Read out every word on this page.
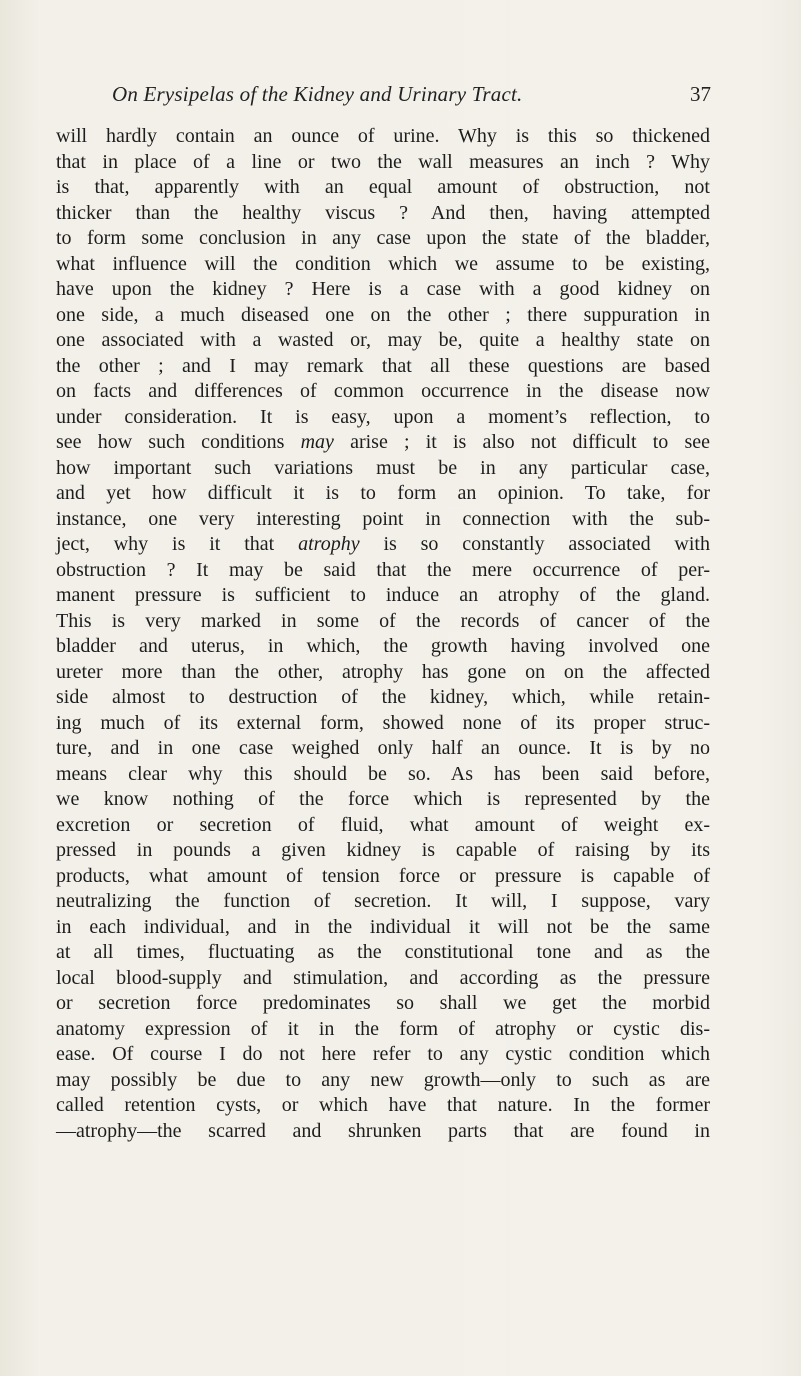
On Erysipelas of the Kidney and Urinary Tract.	37
will hardly contain an ounce of urine. Why is this so thickened
that in place of a line or two the wall measures an inch ? Why
is that, apparently with an equal amount of obstruction, not
thicker than the healthy viscus ? And then, having attempted
to form some conclusion in any case upon the state of the bladder,
what influence will the condition which we assume to be existing,
have upon the kidney ? Here is a case with a good kidney on
one side, a much diseased one on the other ; there suppuration in
one associated with a wasted or, may be, quite a healthy state on
the other ; and I may remark that all these questions are based
on facts and differences of common occurrence in the disease now
under consideration. It is easy, upon a moment’s reflection, to
see how such conditions may arise ; it is also not difficult to see
how important such variations must be in any particular case,
and yet how difficult it is to form an opinion. To take, for
instance, one very interesting point in connection with the sub-
ject, why is it that atrophy is so constantly associated with
obstruction ? It may be said that the mere occurrence of per-
manent pressure is sufficient to induce an atrophy of the gland.
This is very marked in some of the records of cancer of the
bladder and uterus, in which, the growth having involved one
ureter more than the other, atrophy has gone on on the affected
side almost to destruction of the kidney, which, while retain-
ing much of its external form, showed none of its proper struc-
ture, and in one case weighed only half an ounce. It is by no
means clear why this should be so. As has been said before,
we know nothing of the force which is represented by the
excretion or secretion of fluid, what amount of weight ex-
pressed in pounds a given kidney is capable of raising by its
products, what amount of tension force or pressure is capable of
neutralizing the function of secretion. It will, I suppose, vary
in each individual, and in the individual it will not be the same
at all times, fluctuating as the constitutional tone and as the
local blood-supply and stimulation, and according as the pressure
or secretion force predominates so shall we get the morbid
anatomy expression of it in the form of atrophy or cystic dis-
ease. Of course I do not here refer to any cystic condition which
may possibly be due to any new growth—only to such as are
called retention cysts, or which have that nature. In the former
—atrophy—the scarred and shrunken parts that are found in
